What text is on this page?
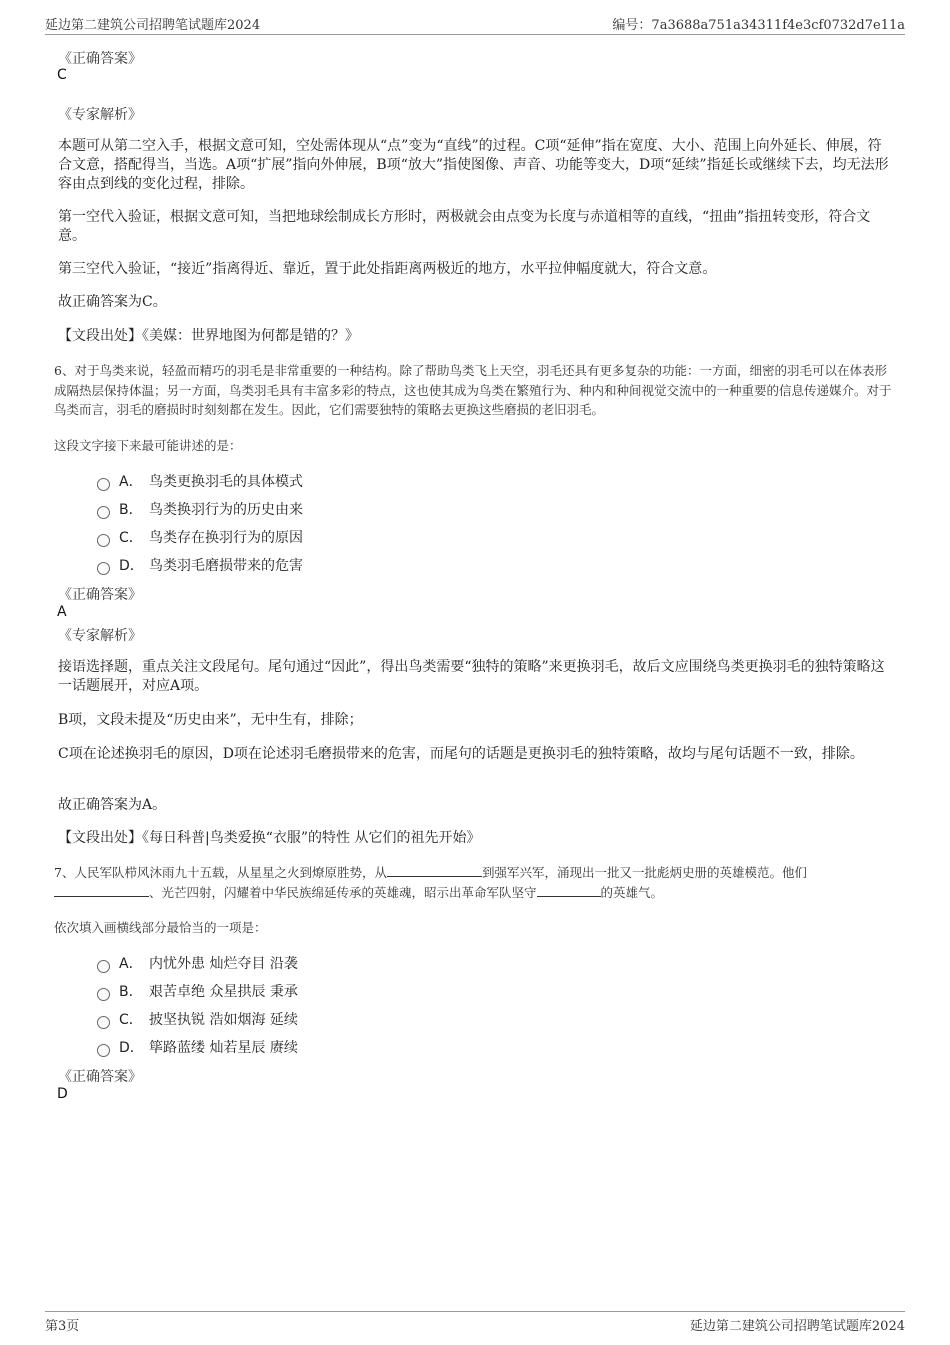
延边第二建筑公司招聘笔试题库2024	编号：7a3688a751a34311f4e3cf0732d7e11a
《正确答案》
C
《专家解析》
本题可从第二空入手，根据文意可知，空处需体现从“点”变为“直线”的过程。C项“延伸”指在宽度、大小、范围上向外延长、伸展，符合文意，搭配得当，当选。A项“扩展”指向外伸展，B项“放大”指使图像、声音、功能等变大，D项“延续”指延长或继续下去，均无法形容由点到线的变化过程，排除。
第一空代入验证，根据文意可知，当把地球绘制成长方形时，两极就会由点变为长度与赤道相等的直线，“扭曲”指扭转变形，符合文意。
第三空代入验证，“接近”指离得近、靠近，置于此处指距离两极近的地方，水平拉伸幅度就大，符合文意。
故正确答案为C。
【文段出处】《美媒：世界地图为何都是错的？》
6、对于鸟类来说，轻盈而精巧的羽毛是非常重要的一种结构。除了帮助鸟类飞上天空，羽毛还具有更多复杂的功能：一方面，细密的羽毛可以在体表形成隔热层保持体温；另一方面，鸟类羽毛具有丰富多彩的特点，这也使其成为鸟类在繁殖行为、种内和种间视觉交流中的一种重要的信息传递媒介。对于鸟类而言，羽毛的磨损时时刻刻都在发生。因此，它们需要独特的策略去更换这些磨损的老旧羽毛。
这段文字接下来最可能讲述的是：
A． 鸟类更换羽毛的具体模式
B． 鸟类换羽行为的历史由来
C． 鸟类存在换羽行为的原因
D． 鸟类羽毛磨损带来的危害
《正确答案》
A
《专家解析》
接语选择题，重点关注文段尾句。尾句通过“因此”，得出鸟类需要“独特的策略”来更换羽毛，故后文应围绕鸟类更换羽毛的独特策略这一话题展开，对应A项。
B项，文段未提及“历史由来”，无中生有，排除；
C项在论述换羽毛的原因，D项在论述羽毛磨损带来的危害，而尾句的话题是更换羽毛的独特策略，故均与尾句话题不一致，排除。
故正确答案为A。
【文段出处】《每日科普|鸟类爱换“衣服”的特性 从它们的祖先开始》
7、人民军队栉风沐雨九十五载，从星星之火到燎原胜势，从	到强军兴军，涌现出一批又一批彪炳史册的英雄模范。他们
、光芒四射，闪耀着中华民族绵延传承的英雄魂，昭示出革命军队坚守	的英雄气。
依次填入画横线部分最恰当的一项是：
A． 内忧外患 灿烂夺目 沿袭
B． 艰苦卓绝 众星拱辰 秉承
C． 披坚执锐 浩如烟海 延续
D． 筚路蓝缕 灿若星辰 赓续
《正确答案》
D
第3页	延边第二建筑公司招聘笔试题库2024
